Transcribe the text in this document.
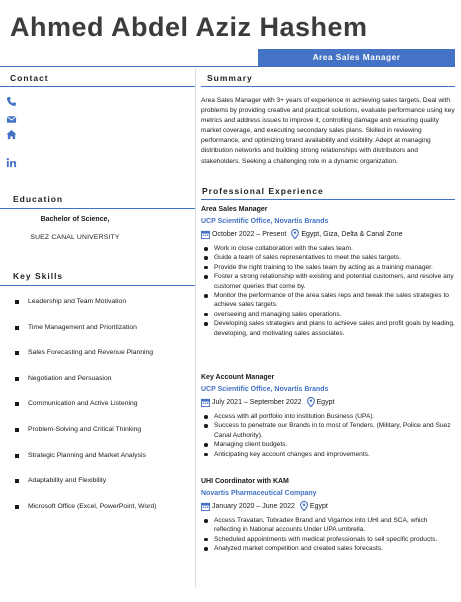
Ahmed Abdel Aziz Hashem
Area Sales Manager
Contact
Education
Bachelor of Science,
SUEZ CANAL UNIVERSITY
Key Skills
Leadership and Team Motivation
Time Management and Prioritization
Sales Forecasting and Revenue Planning
Negotiation and Persuasion
Communication and Active Listening
Problem-Solving and Critical Thinking
Strategic Planning and Market Analysis
Adaptability and Flexibility
Microsoft Office (Excel, PowerPoint, Word)
Summary
Area Sales Manager with 3+ years of experience in achieving sales targets, Deal with problems by providing creative and practical solutions, evaluate performance using key metrics and address issues to improve it, controlling damage and ensuring quality market coverage, and executing secondary sales plans. Skilled in reviewing performance, and optimizing brand availability and visibility. Adept at managing distribution networks and building strong relationships with distributors and stakeholders. Seeking a challenging role in a dynamic organization.
Professional Experience
Area Sales Manager
UCP Scientific Office, Novartis Brands
October 2022 – Present Egypt, Giza, Delta & Canal Zone
Work in close collaboration with the sales team.
Guide a team of sales representatives to meet the sales targets.
Provide the right training to the sales team by acting as a training manager.
Foster a strong relationship with existing and potential customers, and resolve any customer queries that come by.
Monitor the performance of the area sales reps and tweak the sales strategies to achieve sales targets.
overseeing and managing sales operations.
Developing sales strategies and plans to achieve sales and profit goals by leading, developing, and motivating sales associates.
Key Account Manager
UCP Scientific Office, Novartis Brands
July 2021 – September 2022 Egypt
Access with all portfolio into institution Business (UPA).
Success to penetrate our Brands in to most of Tenders. (Military, Police and Suez Canal Authority).
Managing client budgets.
Anticipating key account changes and improvements.
UHI Coordinator with KAM
Novartis Pharmaceutical Company
January 2020 – June 2022 Egypt
Access Travatan, Tobradex Brand and Vigamox into UHI and SCA, which reflecting in National accounts Under UPA umbrella.
Scheduled appointments with medical professionals to sell specific products.
Analyzed market competition and created sales forecasts.
